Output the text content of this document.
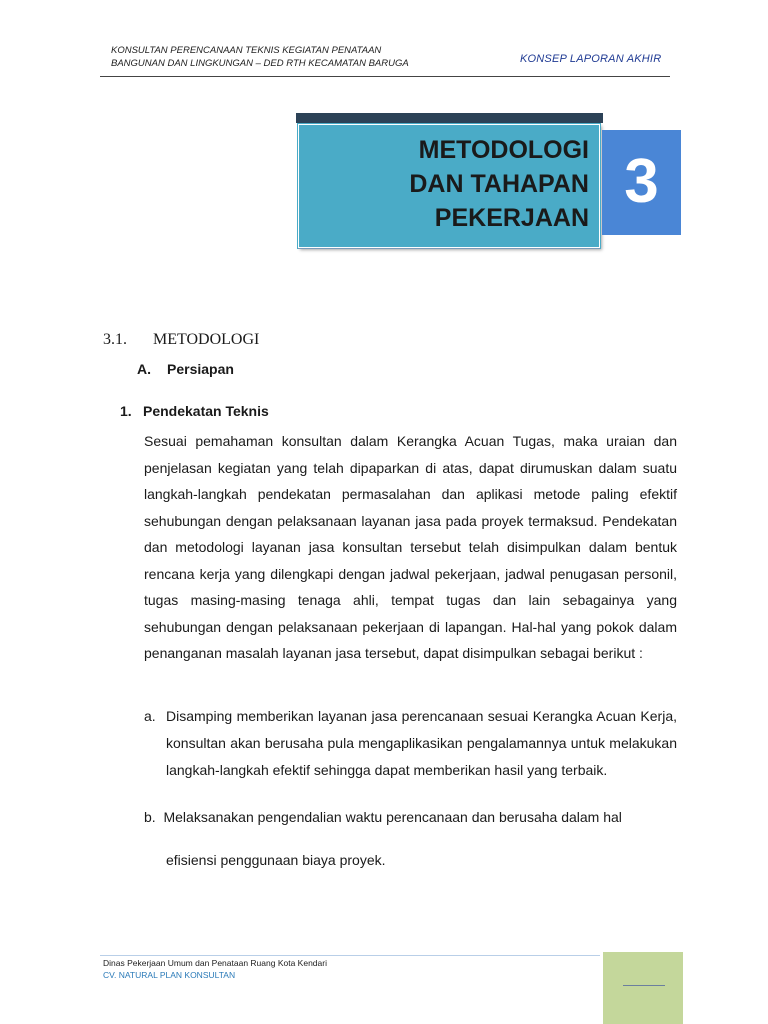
KONSULTAN PERENCANAAN TEKNIS KEGIATAN PENATAAN
BANGUNAN DAN LINGKUNGAN – DED RTH KECAMATAN BARUGA	KONSEP LAPORAN AKHIR
METODOLOGI
DAN TAHAPAN
PEKERJAAN
3
3.1. METODOLOGI
A. Persiapan
1. Pendekatan Teknis
Sesuai pemahaman konsultan dalam Kerangka Acuan Tugas, maka uraian dan penjelasan kegiatan yang telah dipaparkan di atas, dapat dirumuskan dalam suatu langkah-langkah pendekatan permasalahan dan aplikasi metode paling efektif sehubungan dengan pelaksanaan layanan jasa pada proyek termaksud. Pendekatan dan metodologi layanan jasa konsultan tersebut telah disimpulkan dalam bentuk rencana kerja yang dilengkapi dengan jadwal pekerjaan, jadwal penugasan personil, tugas masing-masing tenaga ahli, tempat tugas dan lain sebagainya yang sehubungan dengan pelaksanaan pekerjaan di lapangan. Hal-hal yang pokok dalam penanganan masalah layanan jasa tersebut, dapat disimpulkan sebagai berikut :
a. Disamping memberikan layanan jasa perencanaan sesuai Kerangka Acuan Kerja, konsultan akan berusaha pula mengaplikasikan pengalamannya untuk melakukan langkah-langkah efektif sehingga dapat memberikan hasil yang terbaik.
b. Melaksanakan pengendalian waktu perencanaan dan berusaha dalam hal
efisiensi penggunaan biaya proyek.
Dinas Pekerjaan Umum dan Penataan Ruang Kota Kendari
CV. NATURAL PLAN KONSULTAN
